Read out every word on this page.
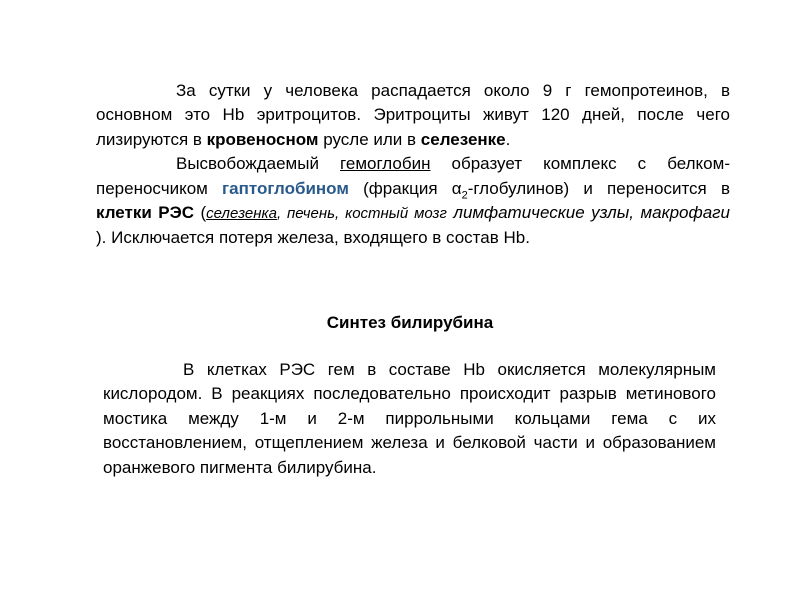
За сутки у человека распадается около 9 г гемопротеинов, в основном это Hb эритроцитов. Эритроциты живут 120 дней, после чего лизируются в кровеносном русле или в селезенке.

Высвобождаемый гемоглобин образует комплекс с белком-переносчиком гаптоглобином (фракция $\alpha_2-глобулинов$) и переносится в клетки РЭС (селезенка, печень, костный мозг лимфатические узлы, макрофаги ). Исключается потеря железа, входящего в состав Hb.

Синтез билирубина

В клетках РЭС гем в составе Hb окисляется молекулярным кислородом. В реакциях последовательно происходит разрыв метинового мостика между 1-м и 2-м пиррольными кольцами гема с их восстановлением, отщеплением железа и белковой части и образованием оранжевого пигмента билирубина.
